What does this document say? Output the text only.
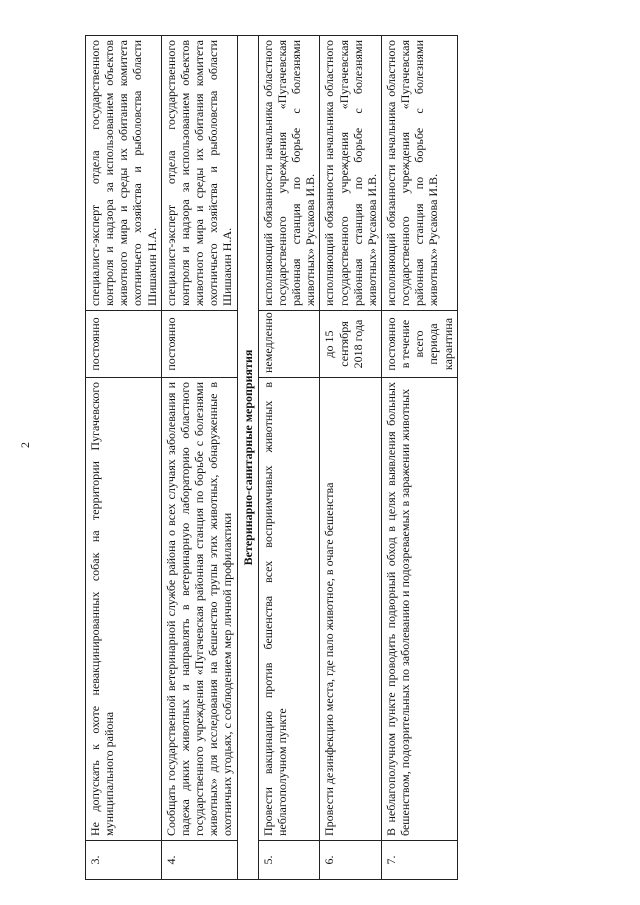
2
3.	Не допускать к охоте невакцинированных собак на территории Пугачевского муниципального района	постоянно	специалист-эксперт отдела государственного контроля и надзора за использованием объектов животного мира и среды их обитания комитета охотничьего хозяйства и рыболовства области Шишакин Н.А.
4.	Сообщать государственной ветеринарной службе района о всех случаях заболевания и падежа диких животных и направлять в ветеринарную лабораторию областного государственного учреждения «Пугачевская районная станция по борьбе с болезнями животных» для исследования на бешенство трупы этих животных, обнаруженные в охотничьих угодьях, с соблюдением мер личной профилактики	постоянно	специалист-эксперт отдела государственного контроля и надзора за использованием объектов животного мира и среды их обитания комитета охотничьего хозяйства и рыболовства области Шишакин Н.А.
Ветеринарно-санитарные мероприятия			
5.	Провести вакцинацию против бешенства всех восприимчивых животных в неблагополучном пункте	немедленно	исполняющий обязанности начальника областного государственного учреждения «Пугачевская районная станция по борьбе с болезнями животных» Русакова И.В.
6.	Провести дезинфекцию места, где пало животное, в очаге бешенства	до 15 сентября 2018 года	исполняющий обязанности начальника областного государственного учреждения «Пугачевская районная станция по борьбе с болезнями животных» Русакова И.В.
7.	В неблагополучном пункте проводить подворный обход в целях выявления больных бешенством, подозрительных по заболеванию и подозреваемых в заражении животных	постоянно в течение всего периода карантина	исполняющий обязанности начальника областного государственного учреждения «Пугачевская районная станция по борьбе с болезнями животных» Русакова И.В.
